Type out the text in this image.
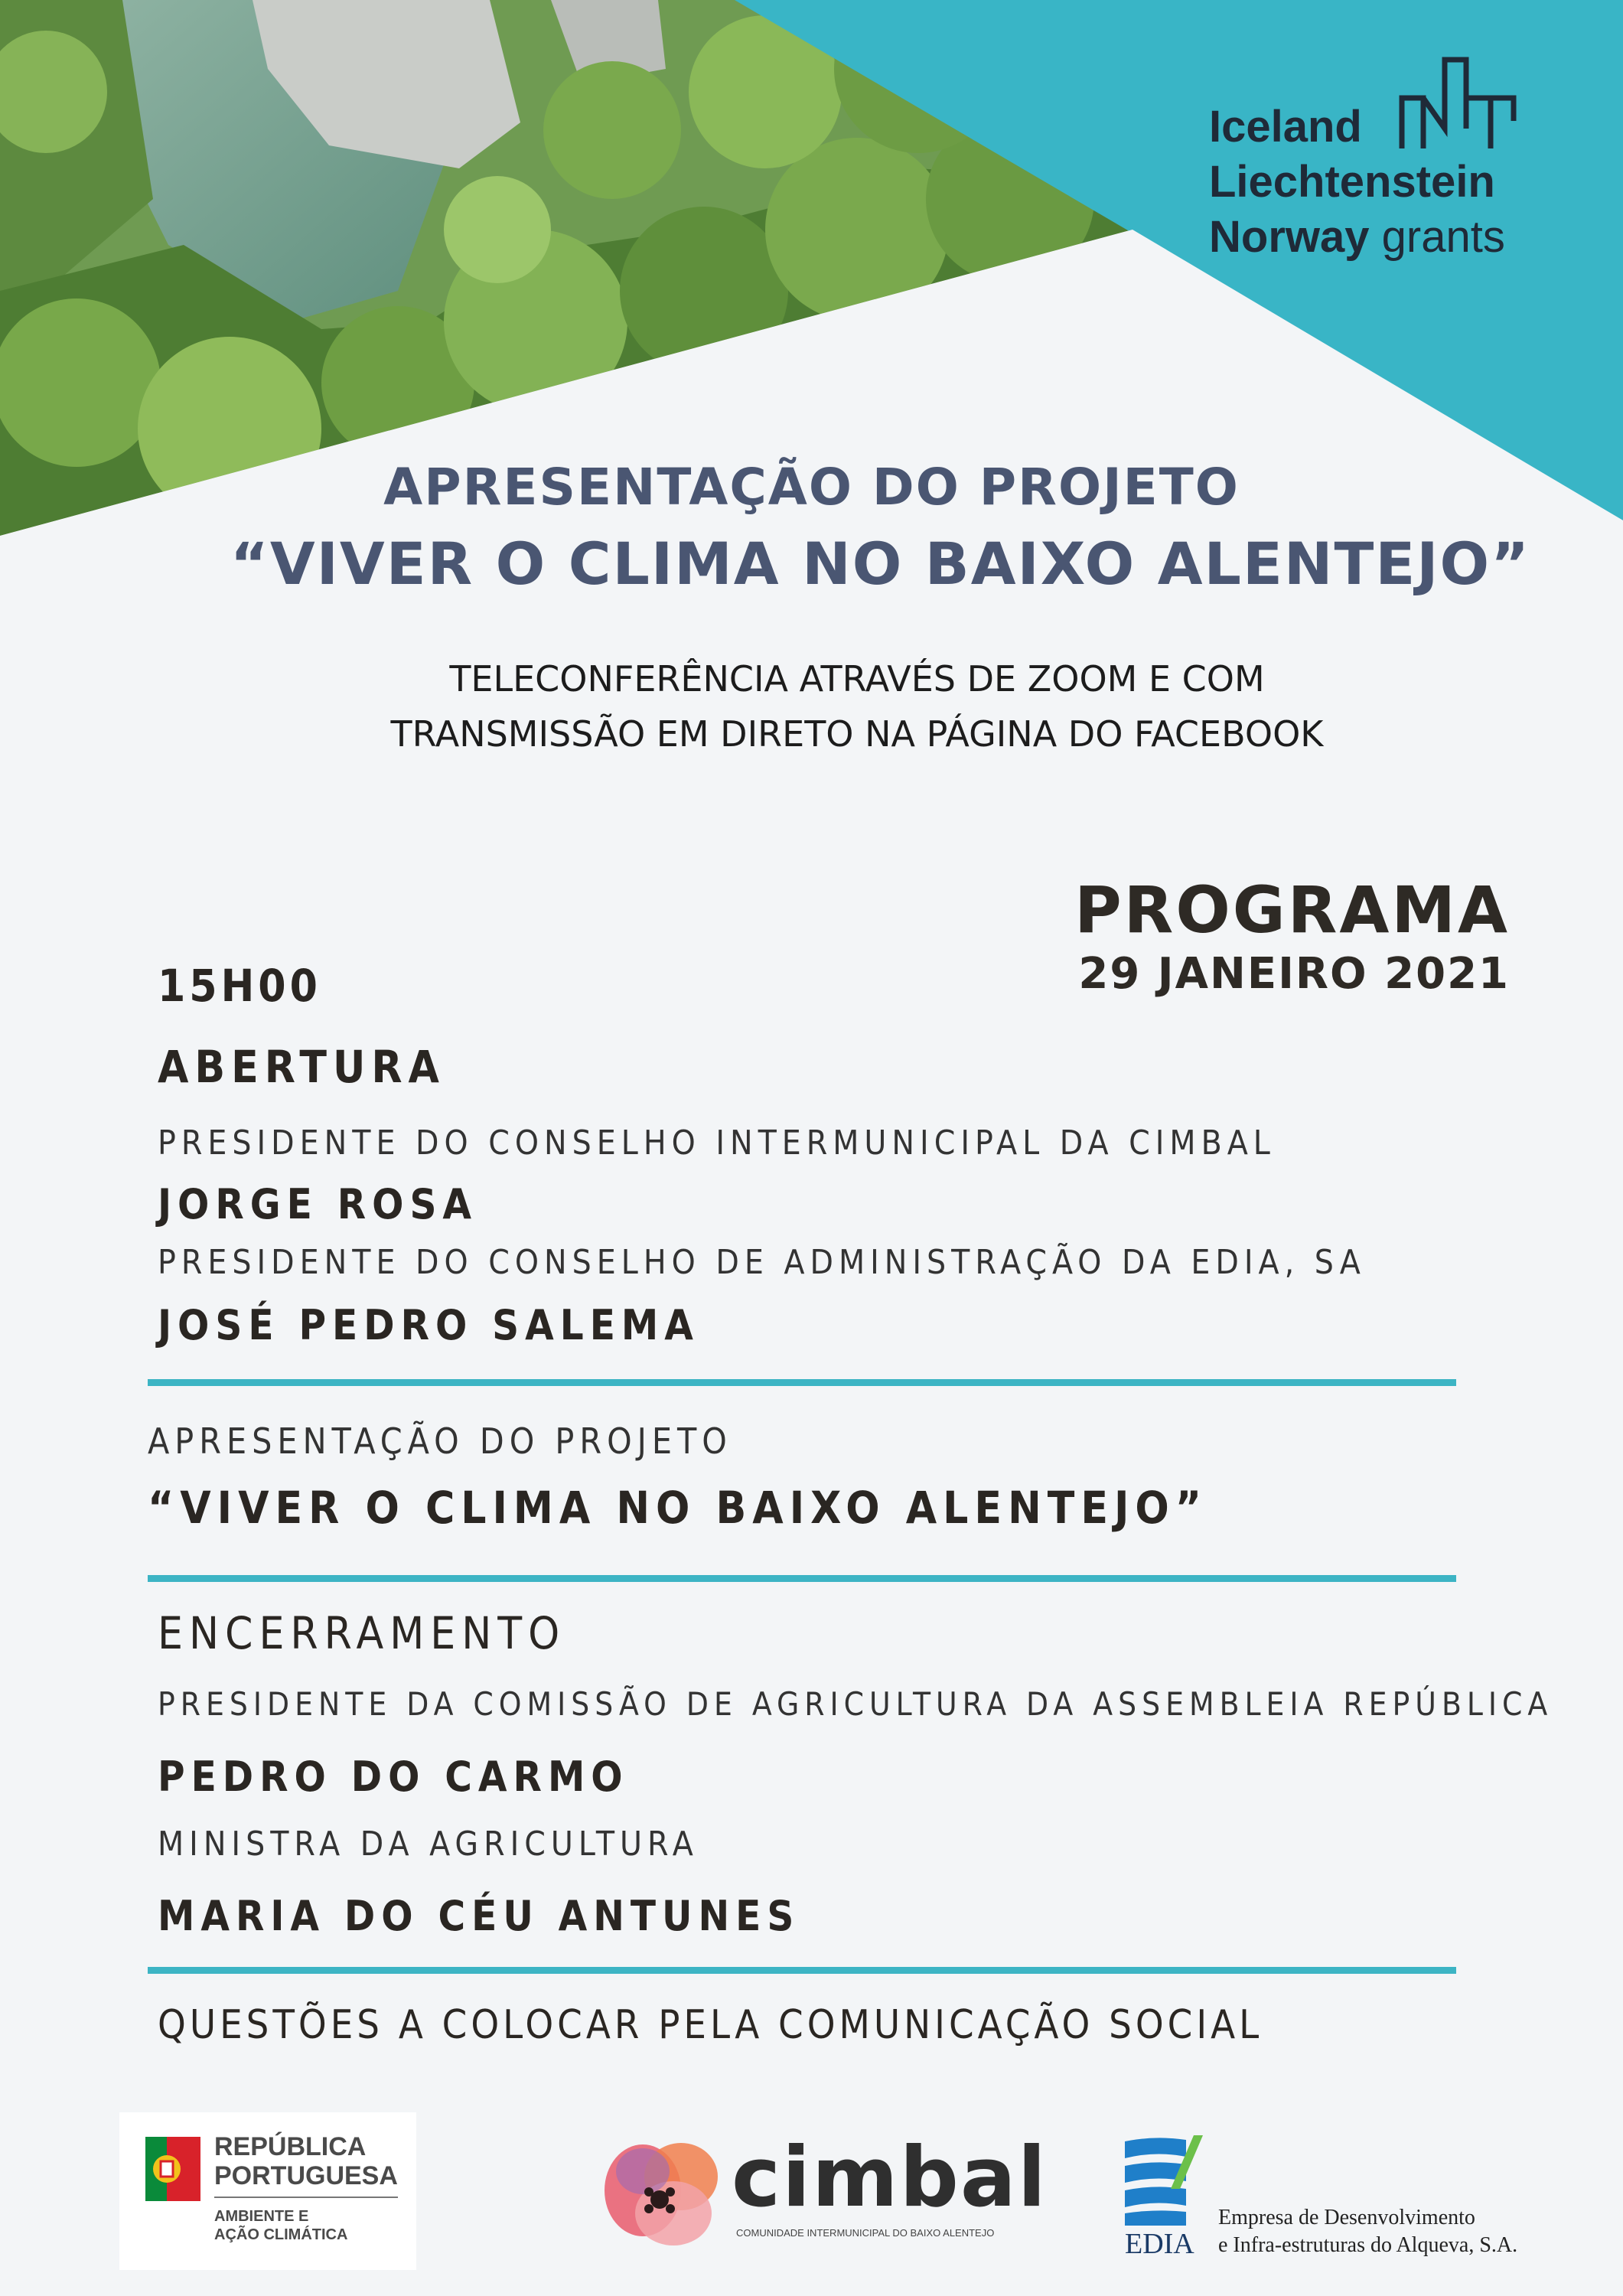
Iceland
Liechtenstein
Norway grants
APRESENTAÇÃO DO PROJETO
“VIVER O CLIMA NO BAIXO ALENTEJO”
TELECONFERÊNCIA ATRAVÉS DE ZOOM E COM
TRANSMISSÃO EM DIRETO NA PÁGINA DO FACEBOOK
PROGRAMA
29 JANEIRO 2021
15H00
ABERTURA
PRESIDENTE DO CONSELHO INTERMUNICIPAL DA CIMBAL
JORGE ROSA
PRESIDENTE DO CONSELHO DE ADMINISTRAÇÃO DA EDIA, SA
JOSÉ PEDRO SALEMA
APRESENTAÇÃO DO PROJETO
“VIVER O CLIMA NO BAIXO ALENTEJO”
ENCERRAMENTO
PRESIDENTE DA COMISSÃO DE AGRICULTURA DA ASSEMBLEIA REPÚBLICA
PEDRO DO CARMO
MINISTRA DA AGRICULTURA
MARIA DO CÉU ANTUNES
QUESTÕES A COLOCAR PELA COMUNICAÇÃO SOCIAL
REPÚBLICA
PORTUGUESA
AMBIENTE E
AÇÃO CLIMÁTICA
cimbal
COMUNIDADE INTERMUNICIPAL DO BAIXO ALENTEJO	EDIA
Empresa de Desenvolvimento
e Infra-estruturas do Alqueva, S.A.
